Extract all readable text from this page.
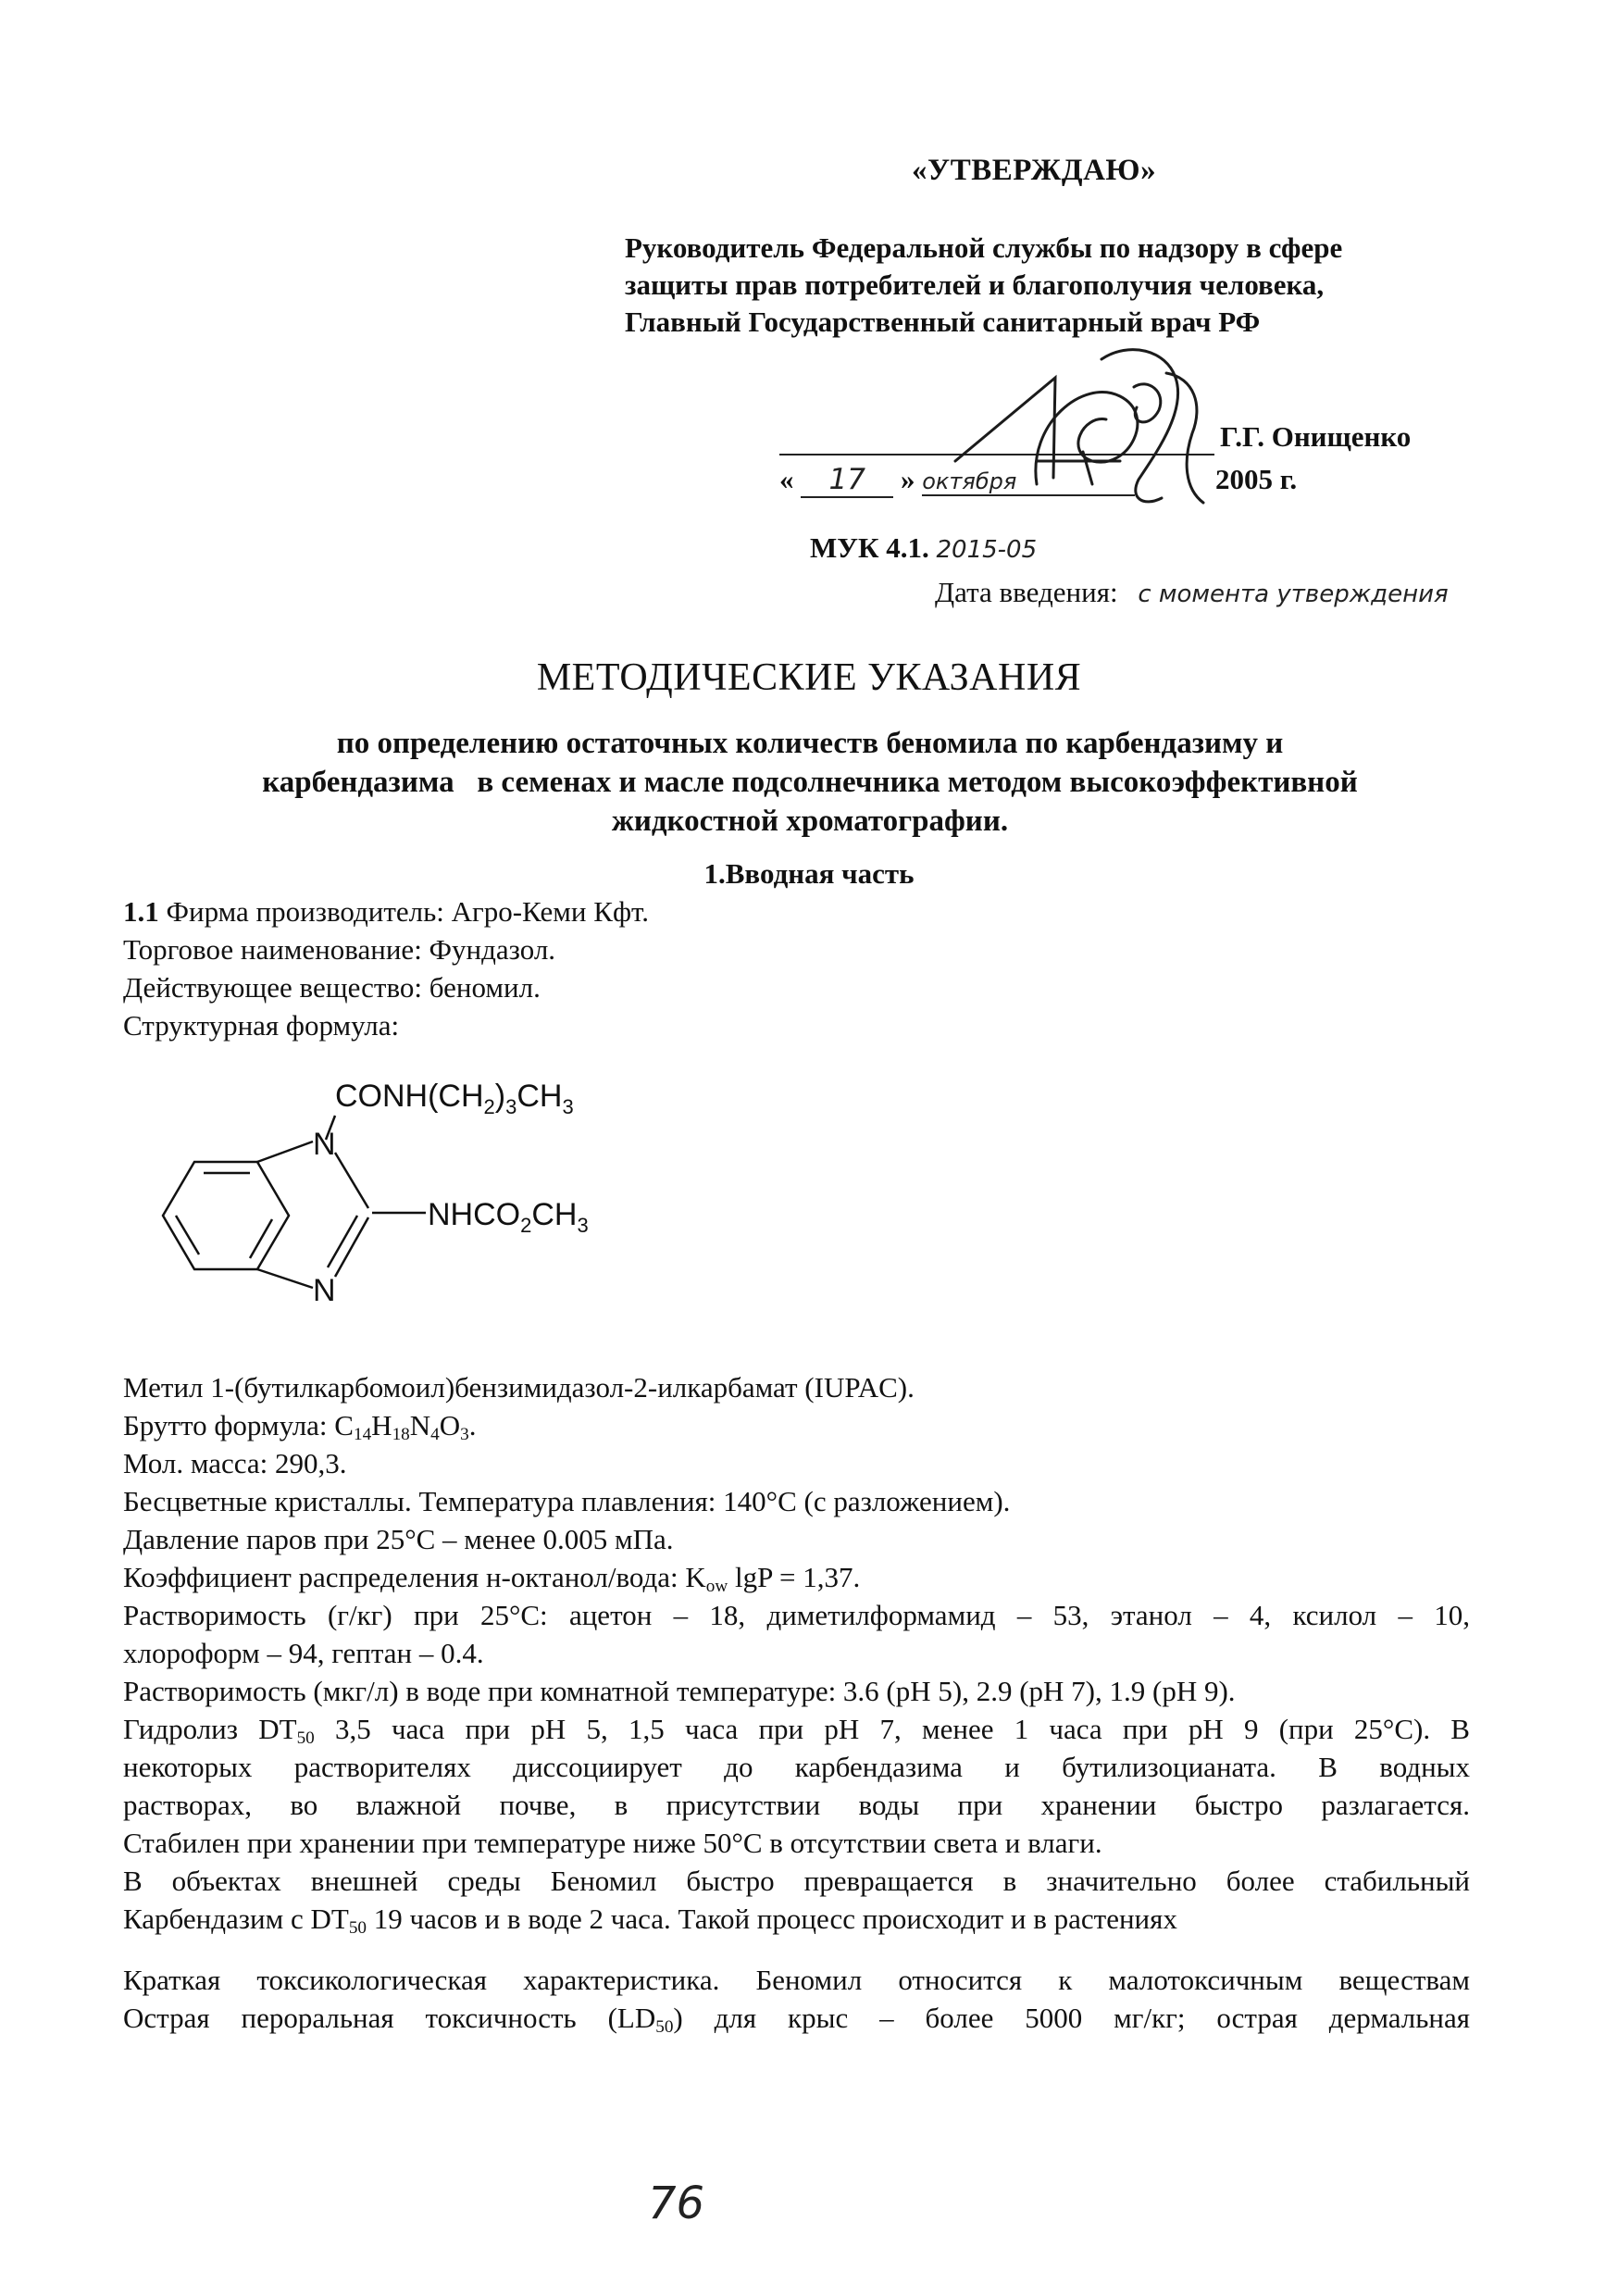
«УТВЕРЖДАЮ»
Руководитель Федеральной службы по надзору в сфере
защиты прав потребителей и благополучия человека,
Главный Государственный санитарный врач РФ
Г.Г. Онищенко
« 17 » октября	2005 г.
МУК 4.1. 2015-05
Дата введения: с момента утверждения
МЕТОДИЧЕСКИЕ УКАЗАНИЯ
по определению остаточных количеств беномила по карбендазиму и
карбендазима   в семенах и масле подсолнечника методом высокоэффективной
жидкостной хроматографии.
1.Вводная часть
1.1 Фирма производитель: Агро-Кеми Кфт.
Торговое наименование: Фундазол.
Действующее вещество: беномил.
Структурная формула:
$CONH(CH_2)_3CH_3$
N
N
$NHCO_2CH_3$
Метил 1-(бутилкарбомоил)бензимидазол-2-илкарбамат (IUPAC).
Брутто формула: $C_{14}H_{18}N_4O_3$.
Мол. масса: 290,3.
Бесцветные кристаллы. Температура плавления: 140°С (с разложением).
Давление паров при 25°С – менее 0.005 мПа.
Коэффициент распределения н-октанол/вода: $K_{ow}$ lgP = 1,37.
Растворимость (г/кг) при 25°С: ацетон – 18, диметилформамид – 53, этанол – 4, ксилол – 10,
хлороформ – 94, гептан – 0.4.
Растворимость (мкг/л) в воде при комнатной температуре: 3.6 (pH 5), 2.9 (pH 7), 1.9 (pH 9).
Гидролиз $DT_{50}$ 3,5 часа при pH 5, 1,5 часа при pH 7, менее 1 часа при pH 9 (при 25°С). В
некоторых растворителях диссоциирует до карбендазима и бутилизоцианата. В водных
растворах, во влажной почве, в присутствии воды при хранении быстро разлагается.
Стабилен при хранении при температуре ниже 50°С в отсутствии света и влаги.
В объектах внешней среды Беномил быстро превращается в значительно более стабильный
Карбендазим с $DT_{50}$ 19 часов и в воде 2 часа. Такой процесс происходит и в растениях
Краткая токсикологическая характеристика. Беномил относится к малотоксичным веществам
Острая пероральная токсичность $(LD_{50})$ для крыс – более 5000 мг/кг; острая дермальная
76
